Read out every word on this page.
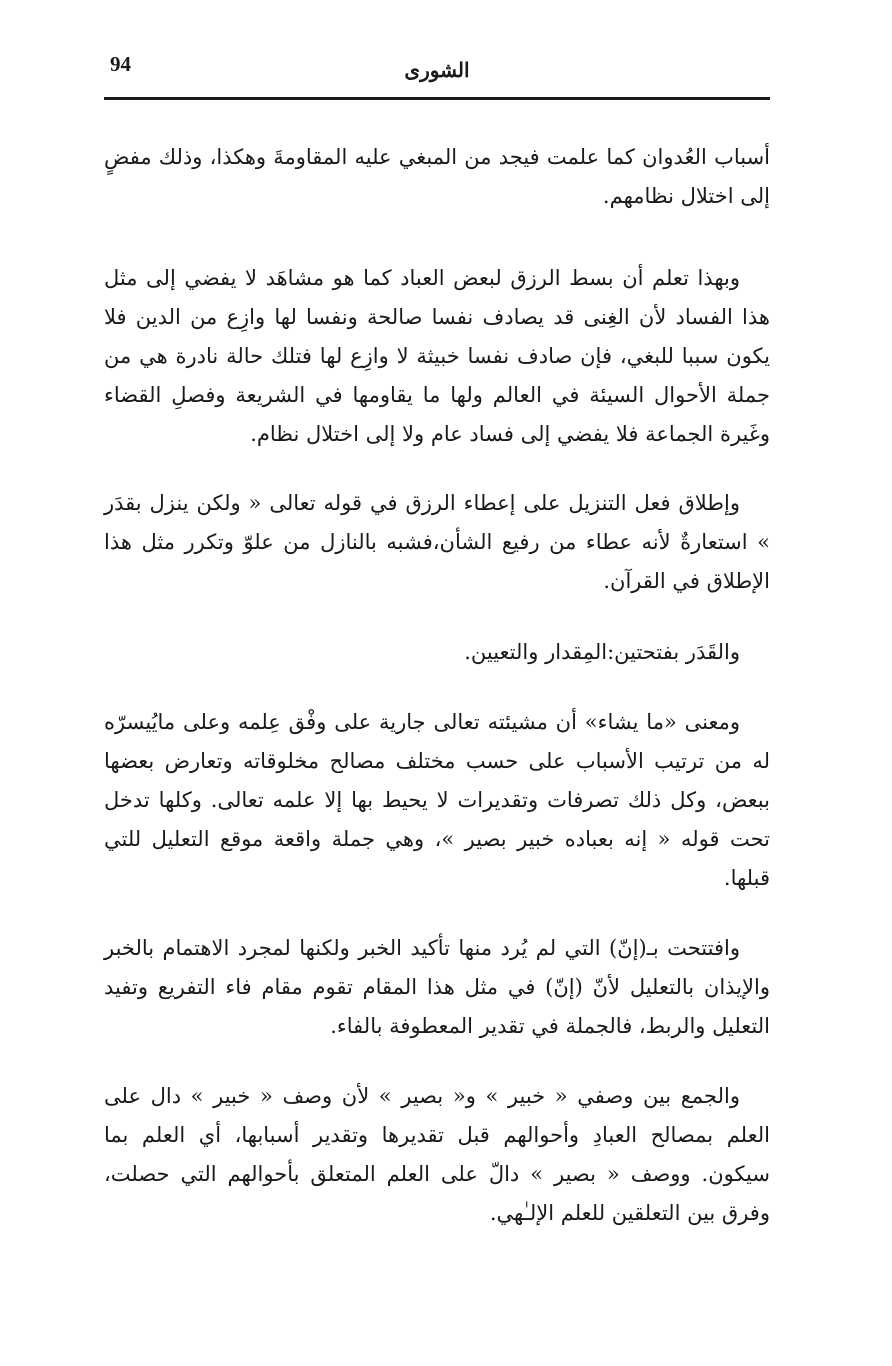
94	الشورى

أسباب العُدوان كما علمت فيجد من المبغي عليه المقاومةَ وهكذا، وذلك مفضٍ إلى اختلال نظامهم.

وبهذا تعلم أن بسط الرزق لبعض العباد كما هو مشاهَد لا يفضي إلى مثل هذا الفساد لأن الغِنى قد يصادف نفسا صالحة ونفسا لها وازِع من الدين فلا يكون سببا للبغي، فإن صادف نفسا خبيثة لا وازِع لها فتلك حالة نادرة هي من جملة الأحوال السيئة في العالم ولها ما يقاومها في الشريعة وفصلِ القضاء وغَيرة الجماعة فلا يفضي إلى فساد عام ولا إلى اختلال نظام.

وإطلاق فعل التنزيل على إعطاء الرزق في قوله تعالى « ولكن ينزل بقدَر » استعارةٌ لأنه عطاء من رفيع الشأن،فشبه بالنازل من علوّ وتكرر مثل هذا الإطلاق في القرآن.

والقَدَر بفتحتين:المِقدار والتعيين.

ومعنى «ما يشاء» أن مشيئته تعالى جارية على وفْق عِلمه وعلى مايُيسرّه له من ترتيب الأسباب على حسب مختلف مصالح مخلوقاته وتعارض بعضها ببعض، وكل ذلك تصرفات وتقديرات لا يحيط بها إلا علمه تعالى. وكلها تدخل تحت قوله « إنه بعباده خبير بصير »، وهي جملة واقعة موقع التعليل للتي قبلها.

وافتتحت بـ(إنّ) التي لم يُرد منها تأكيد الخبر ولكنها لمجرد الاهتمام بالخبر والإيذان بالتعليل لأنّ (إنّ) في مثل هذا المقام تقوم مقام فاء التفريع وتفيد التعليل والربط، فالجملة في تقدير المعطوفة بالفاء.

والجمع بين وصفي « خبير » و« بصير » لأن وصف « خبير » دال على العلم بمصالح العبادِ وأحوالهم قبل تقديرها وتقدير أسبابها، أي العلم بما سيكون. ووصف « بصير » دالّ على العلم المتعلق بأحوالهم التي حصلت، وفرق بين التعلقين للعلم الإلـٰهي.
